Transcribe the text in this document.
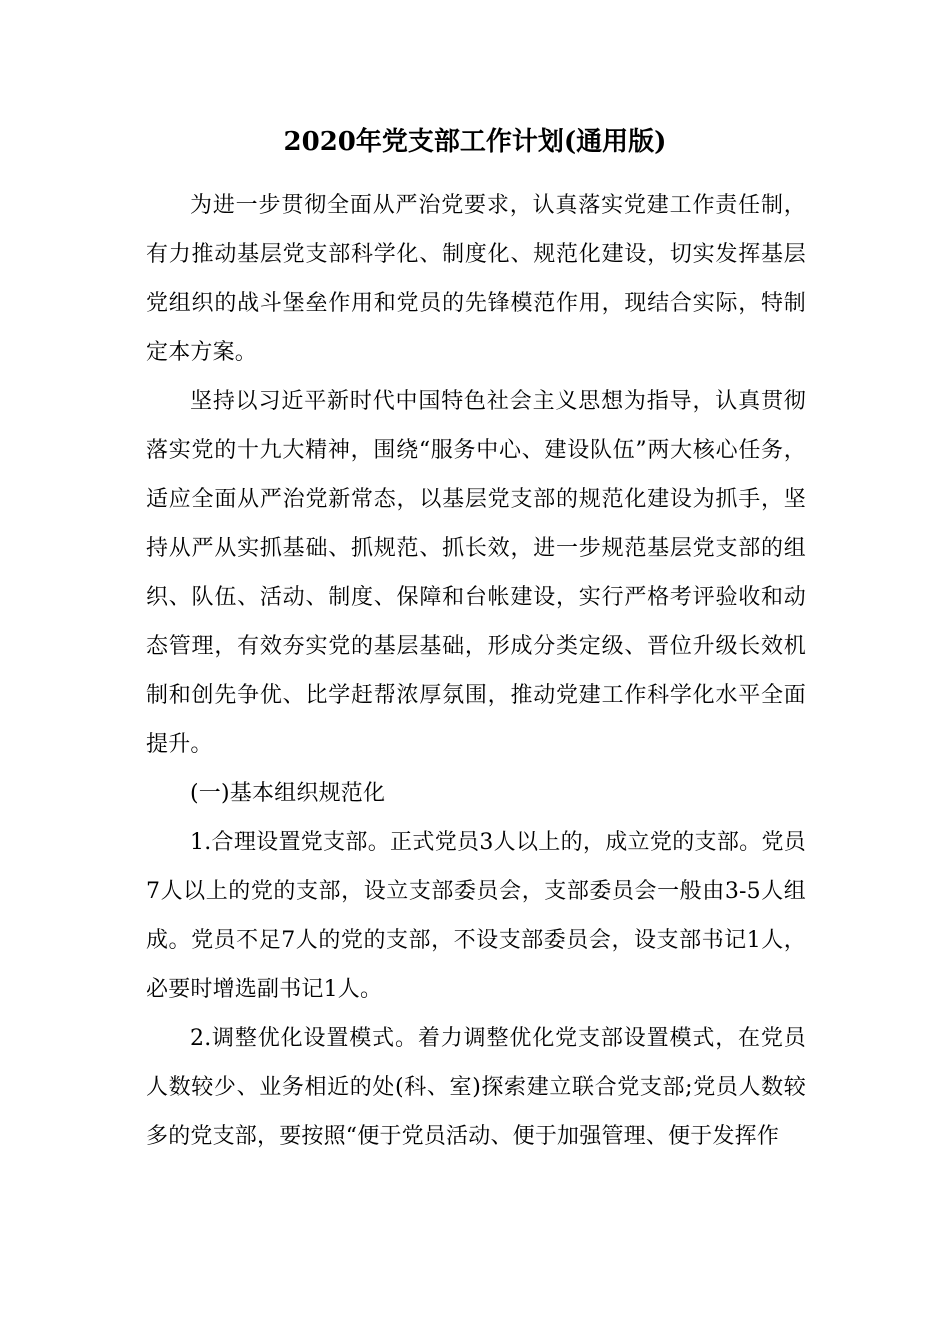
2020年党支部工作计划(通用版)

为进一步贯彻全面从严治党要求，认真落实党建工作责任制，有力推动基层党支部科学化、制度化、规范化建设，切实发挥基层党组织的战斗堡垒作用和党员的先锋模范作用，现结合实际，特制定本方案。

坚持以习近平新时代中国特色社会主义思想为指导，认真贯彻落实党的十九大精神，围绕“服务中心、建设队伍”两大核心任务，适应全面从严治党新常态，以基层党支部的规范化建设为抓手，坚持从严从实抓基础、抓规范、抓长效，进一步规范基层党支部的组织、队伍、活动、制度、保障和台帐建设，实行严格考评验收和动态管理，有效夯实党的基层基础，形成分类定级、晋位升级长效机制和创先争优、比学赶帮浓厚氛围，推动党建工作科学化水平全面提升。

(一)基本组织规范化

1.合理设置党支部。正式党员3人以上的，成立党的支部。党员7人以上的党的支部，设立支部委员会，支部委员会一般由3-5人组成。党员不足7人的党的支部，不设支部委员会，设支部书记1人，必要时增选副书记1人。

2.调整优化设置模式。着力调整优化党支部设置模式，在党员人数较少、业务相近的处(科、室)探索建立联合党支部;党员人数较多的党支部，要按照“便于党员活动、便于加强管理、便于发挥作
